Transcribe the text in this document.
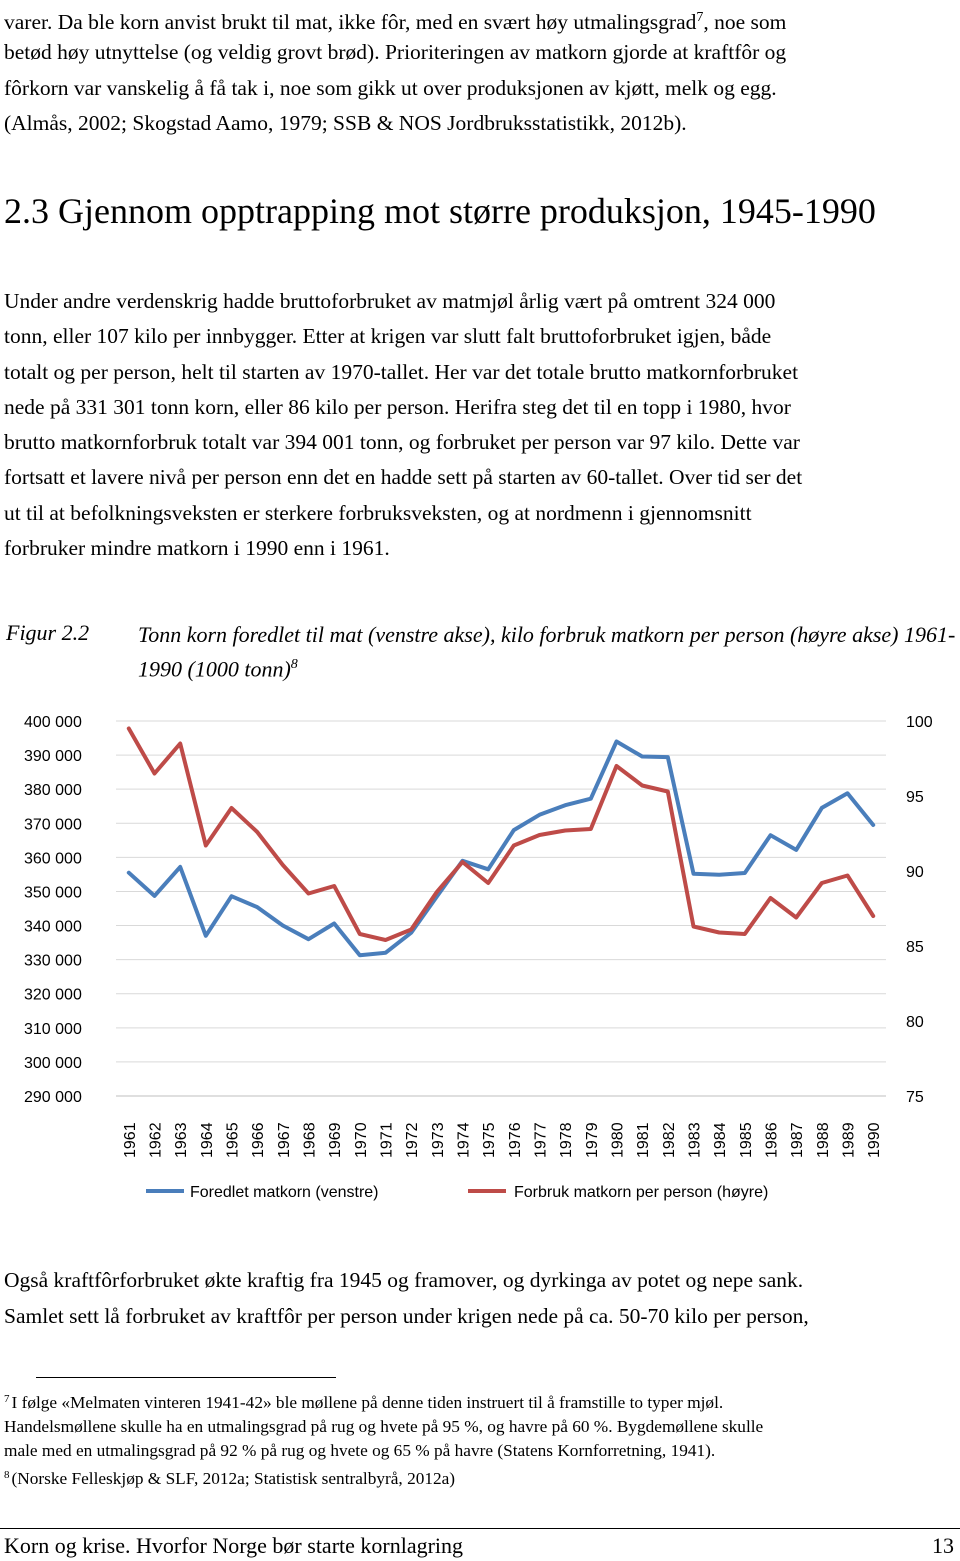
varer. Da ble korn anvist brukt til mat, ikke fôr, med en svært høy utmalingsgrad$^7$, noe som
betød høy utnyttelse (og veldig grovt brød). Prioriteringen av matkorn gjorde at kraftfôr og
fôrkorn var vanskelig å få tak i, noe som gikk ut over produksjonen av kjøtt, melk og egg.
(Almås, 2002; Skogstad Aamo, 1979; SSB & NOS Jordbruksstatistikk, 2012b).
2.3 Gjennom opptrapping mot større produksjon, 1945-1990
Under andre verdenskrig hadde bruttoforbruket av matmjøl årlig vært på omtrent 324 000
tonn, eller 107 kilo per innbygger. Etter at krigen var slutt falt bruttoforbruket igjen, både
totalt og per person, helt til starten av 1970-tallet. Her var det totale brutto matkornforbruket
nede på 331 301 tonn korn, eller 86 kilo per person. Herifra steg det til en topp i 1980, hvor
brutto matkornforbruk totalt var 394 001 tonn, og forbruket per person var 97 kilo. Dette var
fortsatt et lavere nivå per person enn det en hadde sett på starten av 60-tallet. Over tid ser det
ut til at befolkningsveksten er sterkere forbruksveksten, og at nordmenn i gjennomsnitt
forbruker mindre matkorn i 1990 enn i 1961.
Figur 2.2 Tonn korn foredlet til mat (venstre akse), kilo forbruk matkorn per person (høyre akse) 1961-1990 (1000 tonn)$^8$
290 000
300 000
310 000
320 000
330 000
340 000
350 000
360 000
370 000
380 000
390 000
400 000
75
80
85
90
95
100
1961 1962 1963 1964 1965 1966 1967 1968 1969 1970 1971 1972 1973 1974 1975 1976 1977 1978 1979 1980 1981 1982 1983 1984 1985 1986 1987 1988 1989 1990
Foredlet matkorn (venstre)	Forbruk matkorn per person (høyre)
Også kraftfôrforbruket økte kraftig fra 1945 og framover, og dyrkinga av potet og nepe sank.
Samlet sett lå forbruket av kraftfôr per person under krigen nede på ca. 50-70 kilo per person,
$^7$ I følge «Melmaten vinteren 1941-42» ble møllene på denne tiden instruert til å framstille to typer mjøl.
Handelsmøllene skulle ha en utmalingsgrad på rug og hvete på 95 %, og havre på 60 %. Bygdemøllene skulle
male med en utmalingsgrad på 92 % på rug og hvete og 65 % på havre (Statens Kornforretning, 1941).
$^8$ (Norske Felleskjøp & SLF, 2012a; Statistisk sentralbyrå, 2012a)
Korn og krise. Hvorfor Norge bør starte kornlagring	13
